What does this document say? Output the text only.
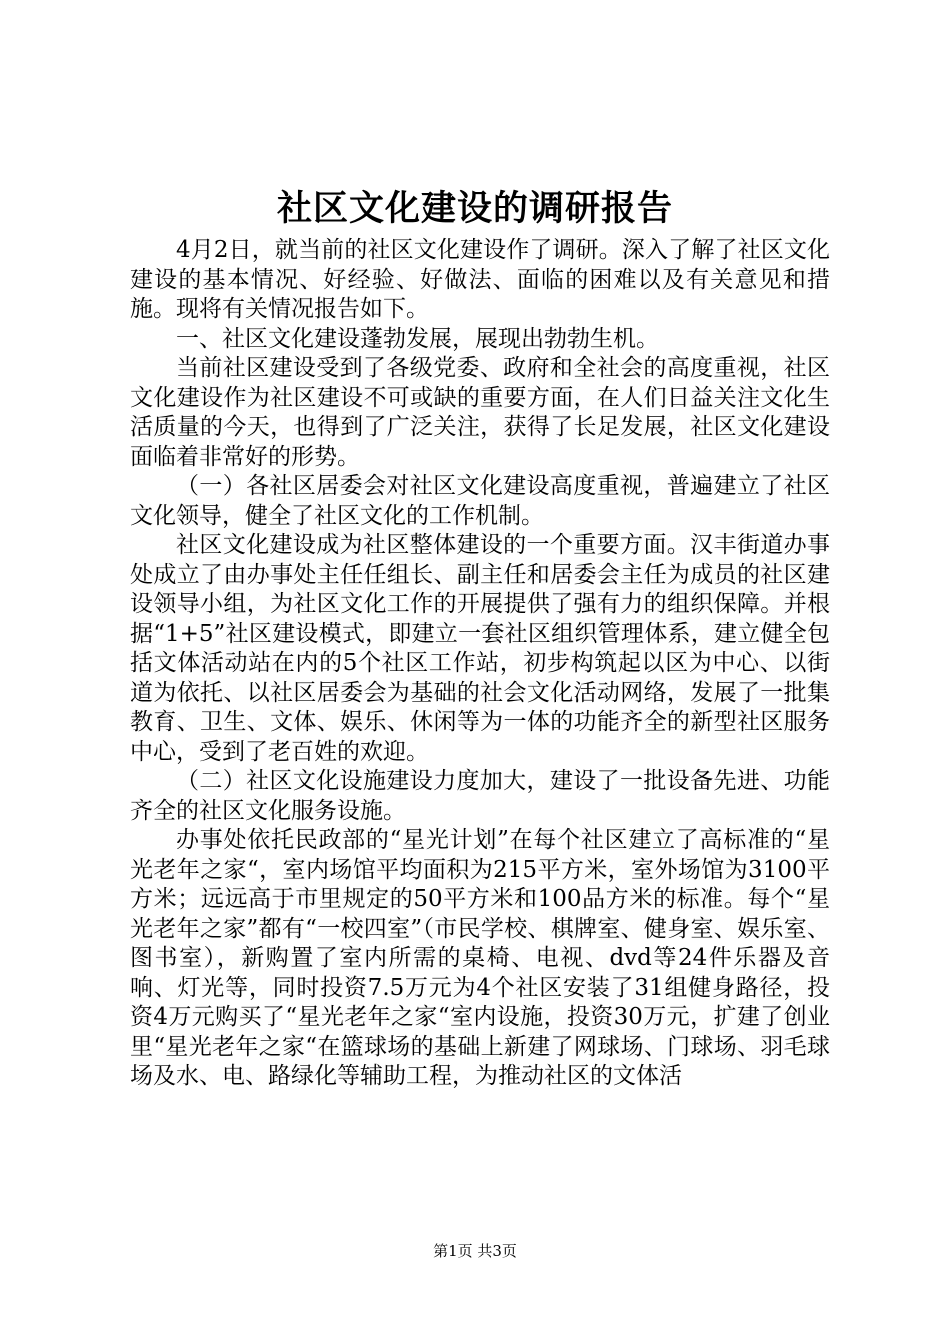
社区文化建设的调研报告

4月2日，就当前的社区文化建设作了调研。深入了解了社区文化建设的基本情况、好经验、好做法、面临的困难以及有关意见和措施。现将有关情况报告如下。

一、社区文化建设蓬勃发展，展现出勃勃生机。

当前社区建设受到了各级党委、政府和全社会的高度重视，社区文化建设作为社区建设不可或缺的重要方面，在人们日益关注文化生活质量的今天，也得到了广泛关注，获得了长足发展，社区文化建设面临着非常好的形势。

（一）各社区居委会对社区文化建设高度重视，普遍建立了社区文化领导，健全了社区文化的工作机制。

社区文化建设成为社区整体建设的一个重要方面。汉丰街道办事处成立了由办事处主任任组长、副主任和居委会主任为成员的社区建设领导小组，为社区文化工作的开展提供了强有力的组织保障。并根据“1+5”社区建设模式，即建立一套社区组织管理体系，建立健全包括文体活动站在内的5个社区工作站，初步构筑起以区为中心、以街道为依托、以社区居委会为基础的社会文化活动网络，发展了一批集教育、卫生、文体、娱乐、休闲等为一体的功能齐全的新型社区服务中心，受到了老百姓的欢迎。

（二）社区文化设施建设力度加大，建设了一批设备先进、功能齐全的社区文化服务设施。

办事处依托民政部的“星光计划”在每个社区建立了高标准的“星光老年之家“，室内场馆平均面积为215平方米，室外场馆为3100平方米；远远高于市里规定的50平方米和100品方米的标准。每个“星光老年之家”都有“一校四室”（市民学校、棋牌室、健身室、娱乐室、图书室），新购置了室内所需的桌椅、电视、dvd等24件乐器及音响、灯光等，同时投资7.5万元为4个社区安装了31组健身路径，投资4万元购买了“星光老年之家“室内设施，投资30万元，扩建了创业里“星光老年之家“在篮球场的基础上新建了网球场、门球场、羽毛球场及水、电、路绿化等辅助工程，为推动社区的文体活

第1页 共3页
